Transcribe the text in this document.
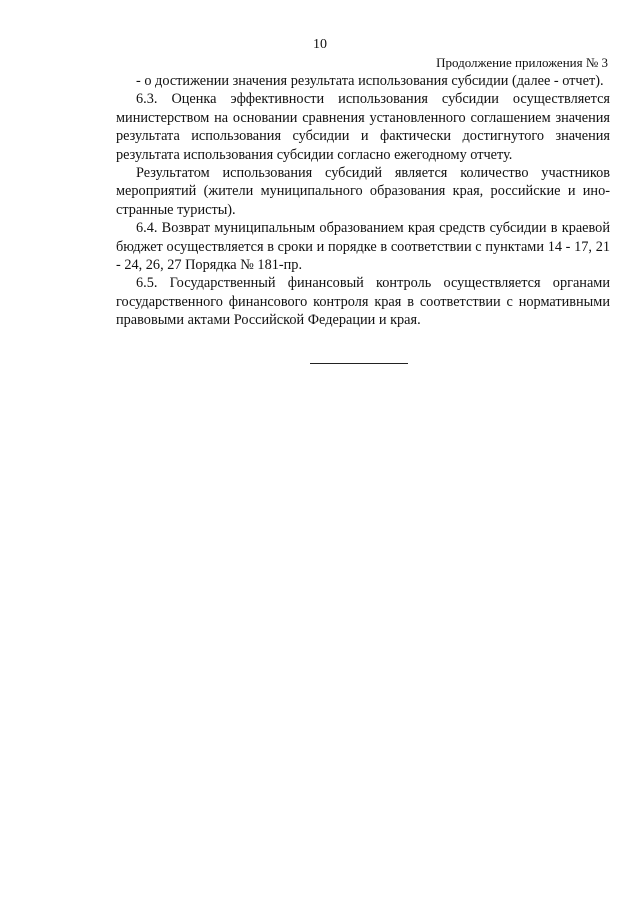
10
Продолжение приложения № 3

- о достижении значения результата использования субсидии (далее - отчет).

6.3. Оценка эффективности использования субсидии осуществляется министерством на основании сравнения установленного соглашением значения результата использования субсидии и фактически достигнутого значения результата использования субсидии согласно ежегодному отчету.

Результатом использования субсидий является количество участников мероприятий (жители муниципального образования края, российские и иностранные туристы).

6.4. Возврат муниципальным образованием края средств субсидии в краевой бюджет осуществляется в сроки и порядке в соответствии с пунктами 14 - 17, 21 - 24, 26, 27 Порядка № 181-пр.

6.5. Государственный финансовый контроль осуществляется органами государственного финансового контроля края в соответствии с нормативными правовыми актами Российской Федерации и края.
